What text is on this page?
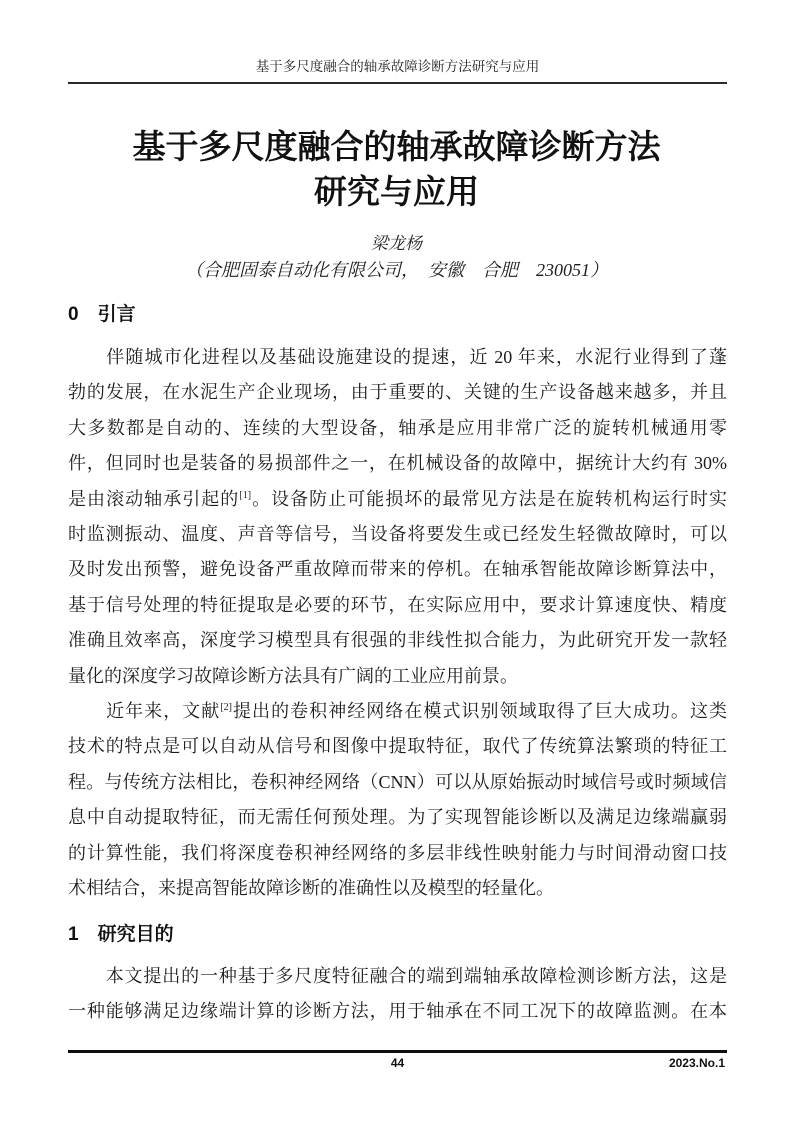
基于多尺度融合的轴承故障诊断方法研究与应用
基于多尺度融合的轴承故障诊断方法
研究与应用
梁龙杨
（合肥固泰自动化有限公司，　安徽　合肥　230051）
0　引言
　　伴随城市化进程以及基础设施建设的提速，近 20 年来，水泥行业得到了蓬
勃的发展，在水泥生产企业现场，由于重要的、关键的生产设备越来越多，并且
大多数都是自动的、连续的大型设备，轴承是应用非常广泛的旋转机械通用零
件，但同时也是装备的易损部件之一，在机械设备的故障中，据统计大约有 30%
是由滚动轴承引起的[1]。设备防止可能损坏的最常见方法是在旋转机构运行时实
时监测振动、温度、声音等信号，当设备将要发生或已经发生轻微故障时，可以
及时发出预警，避免设备严重故障而带来的停机。在轴承智能故障诊断算法中，
基于信号处理的特征提取是必要的环节，在实际应用中，要求计算速度快、精度
准确且效率高，深度学习模型具有很强的非线性拟合能力，为此研究开发一款轻
量化的深度学习故障诊断方法具有广阔的工业应用前景。
　　近年来，文献[2]提出的卷积神经网络在模式识别领域取得了巨大成功。这类
技术的特点是可以自动从信号和图像中提取特征，取代了传统算法繁琐的特征工
程。与传统方法相比，卷积神经网络（CNN）可以从原始振动时域信号或时频域信
息中自动提取特征，而无需任何预处理。为了实现智能诊断以及满足边缘端赢弱
的计算性能，我们将深度卷积神经网络的多层非线性映射能力与时间滑动窗口技
术相结合，来提高智能故障诊断的准确性以及模型的轻量化。
1　研究目的
　　本文提出的一种基于多尺度特征融合的端到端轴承故障检测诊断方法，这是
一种能够满足边缘端计算的诊断方法，用于轴承在不同工况下的故障监测。在本
44	2023.No.1
